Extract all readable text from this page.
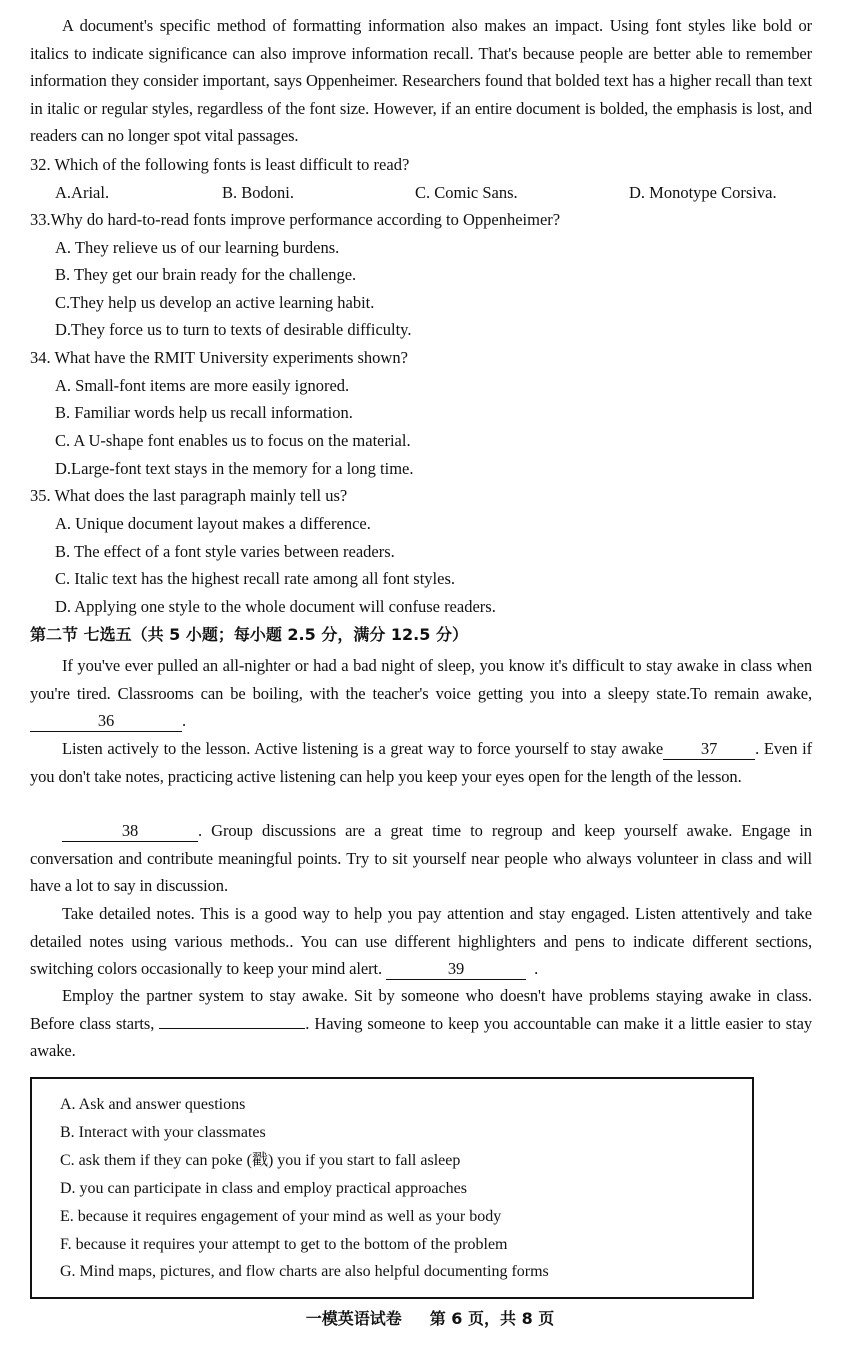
A document's specific method of formatting information also makes an impact. Using font styles like bold or italics to indicate significance can also improve information recall. That's because people are better able to remember information they consider important, says Oppenheimer. Researchers found that bolded text has a higher recall than text in italic or regular styles, regardless of the font size. However, if an entire document is bolded, the emphasis is lost, and readers can no longer spot vital passages.
32. Which of the following fonts is least difficult to read?
A.Arial.	B. Bodoni.	C. Comic Sans.	D. Monotype Corsiva.
33.Why do hard-to-read fonts improve performance according to Oppenheimer?
A. They relieve us of our learning burdens.
B. They get our brain ready for the challenge.
C.They help us develop an active learning habit.
D.They force us to turn to texts of desirable difficulty.
34. What have the RMIT University experiments shown?
A. Small-font items are more easily ignored.
B. Familiar words help us recall information.
C. A U-shape font enables us to focus on the material.
D.Large-font text stays in the memory for a long time.
35. What does the last paragraph mainly tell us?
A. Unique document layout makes a difference.
B. The effect of a font style varies between readers.
C. Italic text has the highest recall rate among all font styles.
D. Applying one style to the whole document will confuse readers.
第二节 七选五（共 5 小题；每小题 2.5 分，满分 12.5 分）
If you've ever pulled an all-nighter or had a bad night of sleep, you know it's difficult to stay awake in class when you're tired. Classrooms can be boiling, with the teacher's voice getting you into a sleepy state.To remain awake, 36	.
Listen actively to the lesson. Active listening is a great way to force yourself to stay awake 37 . Even if you don't take notes, practicing active listening can help you keep your eyes open for the length of the lesson.
38	. Group discussions are a great time to regroup and keep yourself awake. Engage in conversation and contribute meaningful points. Try to sit yourself near people who always volunteer in class and will have a lot to say in discussion.
Take detailed notes. This is a good way to help you pay attention and stay engaged. Listen attentively and take detailed notes using various methods.. You can use different highlighters and pens to indicate different sections, switching colors occasionally to keep your mind alert.	39	.
Employ the partner system to stay awake. Sit by someone who doesn't have problems staying awake in class. Before class starts,	. Having someone to keep you accountable can make it a little easier to stay awake.
A. Ask and answer questions
B. Interact with your classmates
C. ask them if they can poke (戳) you if you start to fall asleep
D. you can participate in class and employ practical approaches
E. because it requires engagement of your mind as well as your body
F. because it requires your attempt to get to the bottom of the problem
G. Mind maps, pictures, and flow charts are also helpful documenting forms
一模英语试卷 第 6 页，共 8 页
